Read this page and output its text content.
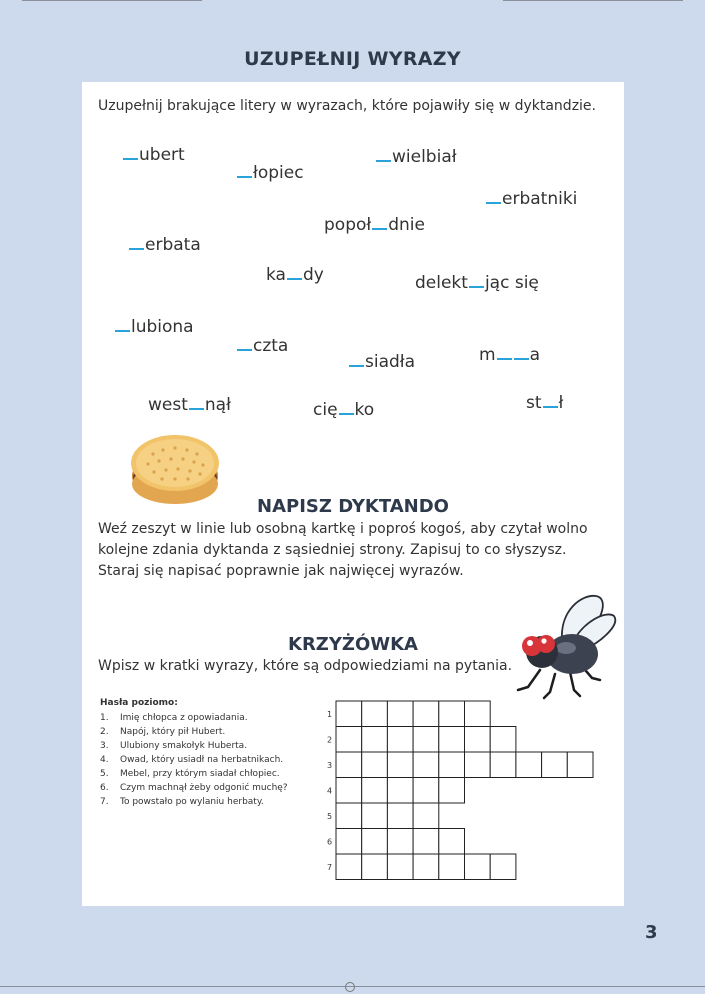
UZUPEŁNIJ WYRAZY
Uzupełnij brakujące litery w wyrazach, które pojawiły się w dyktandzie.
ubert
łopiec
wielbiał
erbatniki
popoł dnie
erbata
ka dy	delekt jąc się
lubiona
czta
siadła	m a
west nął	cię ko	st ł
NAPISZ DYKTANDO
Weź zeszyt w linie lub osobną kartkę i poproś kogoś, aby czytał wolno kolejne zdania dyktanda z sąsiedniej strony. Zapisuj to co słyszysz. Staraj się napisać poprawnie jak najwięcej wyrazów.
KRZYŻÓWKA
Wpisz w kratki wyrazy, które są odpowiedziami na pytania.
Hasła poziomo:
1.	Imię chłopca z opowiadania.
2.	Napój, który pił Hubert.
3.	Ulubiony smakołyk Huberta.
4.	Owad, który usiadł na herbatnikach.
5.	Mebel, przy którym siadał chłopiec.
6.	Czym machnął żeby odgonić muchę?
7.	To powstało po wylaniu herbaty.
1
2
3
4
5
6
7
3
